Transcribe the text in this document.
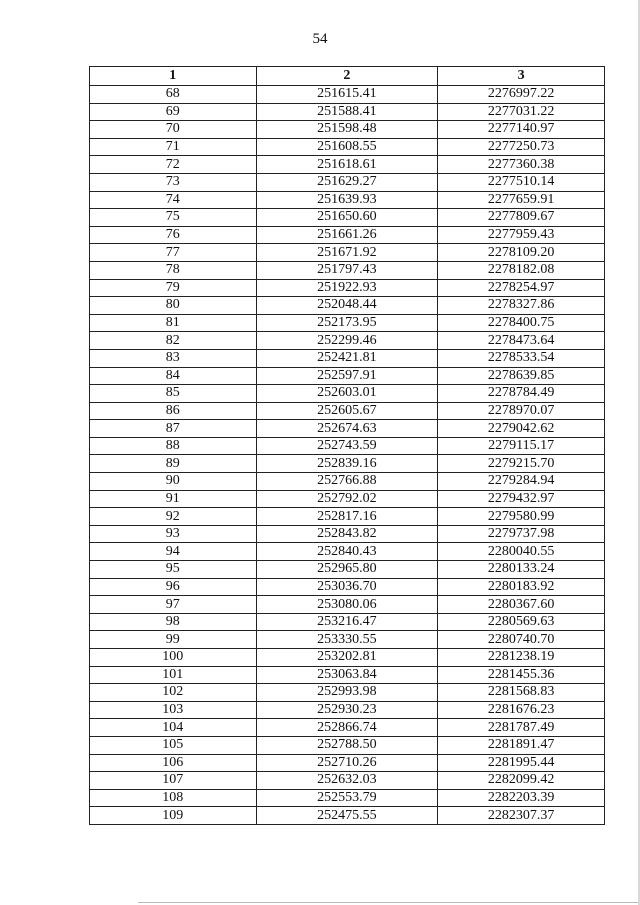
54
1	2	3
68	251615.41	2276997.22
69	251588.41	2277031.22
70	251598.48	2277140.97
71	251608.55	2277250.73
72	251618.61	2277360.38
73	251629.27	2277510.14
74	251639.93	2277659.91
75	251650.60	2277809.67
76	251661.26	2277959.43
77	251671.92	2278109.20
78	251797.43	2278182.08
79	251922.93	2278254.97
80	252048.44	2278327.86
81	252173.95	2278400.75
82	252299.46	2278473.64
83	252421.81	2278533.54
84	252597.91	2278639.85
85	252603.01	2278784.49
86	252605.67	2278970.07
87	252674.63	2279042.62
88	252743.59	2279115.17
89	252839.16	2279215.70
90	252766.88	2279284.94
91	252792.02	2279432.97
92	252817.16	2279580.99
93	252843.82	2279737.98
94	252840.43	2280040.55
95	252965.80	2280133.24
96	253036.70	2280183.92
97	253080.06	2280367.60
98	253216.47	2280569.63
99	253330.55	2280740.70
100	253202.81	2281238.19
101	253063.84	2281455.36
102	252993.98	2281568.83
103	252930.23	2281676.23
104	252866.74	2281787.49
105	252788.50	2281891.47
106	252710.26	2281995.44
107	252632.03	2282099.42
108	252553.79	2282203.39
109	252475.55	2282307.37
